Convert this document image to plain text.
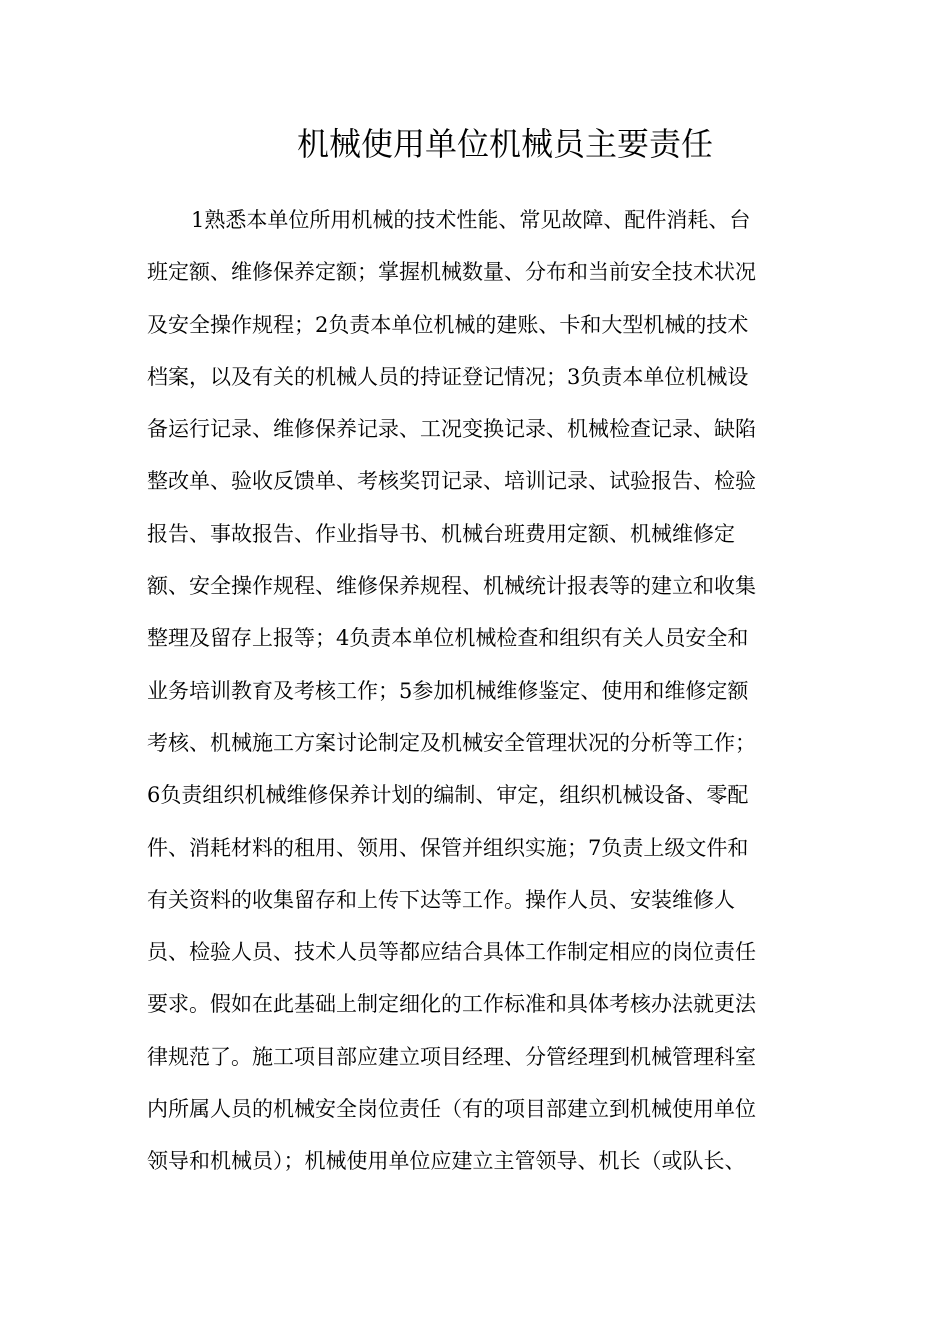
机械使用单位机械员主要责任
1熟悉本单位所用机械的技术性能、常见故障、配件消耗、台
班定额、维修保养定额；掌握机械数量、分布和当前安全技术状况
及安全操作规程；2负责本单位机械的建账、卡和大型机械的技术
档案，以及有关的机械人员的持证登记情况；3负责本单位机械设
备运行记录、维修保养记录、工况变换记录、机械检查记录、缺陷
整改单、验收反馈单、考核奖罚记录、培训记录、试验报告、检验
报告、事故报告、作业指导书、机械台班费用定额、机械维修定
额、安全操作规程、维修保养规程、机械统计报表等的建立和收集
整理及留存上报等；4负责本单位机械检查和组织有关人员安全和
业务培训教育及考核工作；5参加机械维修鉴定、使用和维修定额
考核、机械施工方案讨论制定及机械安全管理状况的分析等工作；
6负责组织机械维修保养计划的编制、审定，组织机械设备、零配
件、消耗材料的租用、领用、保管并组织实施；7负责上级文件和
有关资料的收集留存和上传下达等工作。操作人员、安装维修人
员、检验人员、技术人员等都应结合具体工作制定相应的岗位责任
要求。假如在此基础上制定细化的工作标准和具体考核办法就更法
律规范了。施工项目部应建立项目经理、分管经理到机械管理科室
内所属人员的机械安全岗位责任（有的项目部建立到机械使用单位
领导和机械员）；机械使用单位应建立主管领导、机长（或队长、
